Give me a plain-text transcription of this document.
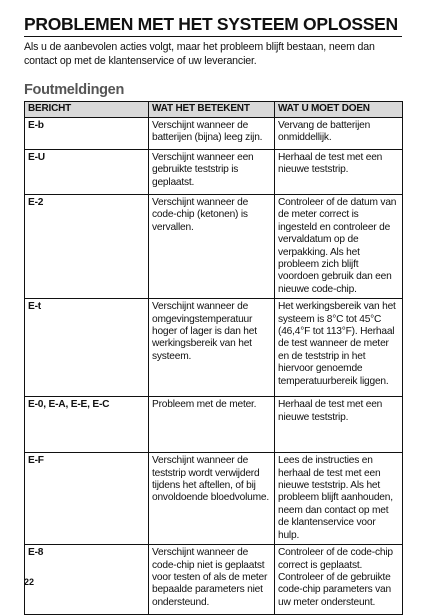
PROBLEMEN MET HET SYSTEEM OPLOSSEN
Als u de aanbevolen acties volgt, maar het probleem blijft bestaan, neem dan contact op met de klantenservice of uw leverancier.
Foutmeldingen
BERICHT	WAT HET BETEKENT	WAT U MOET DOEN
E-b	Verschijnt wanneer de batterijen (bijna) leeg zijn.	Vervang de batterijen onmiddellijk.
E-U	Verschijnt wanneer een gebruikte teststrip is geplaatst.	Herhaal de test met een nieuwe teststrip.
E-2	Verschijnt wanneer de code-chip (ketonen) is vervallen.	Controleer of de datum van de meter correct is ingesteld en controleer de vervaldatum op de verpakking. Als het probleem zich blijft voordoen gebruik dan een nieuwe code-chip.
E-t	Verschijnt wanneer de omgevingstemperatuur hoger of lager is dan het werkingsbereik van het systeem.	Het werkingsbereik van het systeem is 8°C tot 45°C (46,4°F tot 113°F). Herhaal de test wanneer de meter en de teststrip in het hiervoor genoemde temperatuurbereik liggen.
E-0, E-A, E-E, E-C	Probleem met de meter.	Herhaal de test met een nieuwe teststrip.
E-F	Verschijnt wanneer de teststrip wordt verwijderd tijdens het aftellen, of bij onvoldoende bloedvolume.	Lees de instructies en herhaal de test met een nieuwe teststrip. Als het probleem blijft aanhouden, neem dan contact op met de klantenservice voor hulp.
E-8	Verschijnt wanneer de code-chip niet is geplaatst voor testen of als de meter bepaalde parameters niet ondersteund.	Controleer of de code-chip correct is geplaatst. Controleer of de gebruikte code-chip parameters van uw meter ondersteunt.
22
